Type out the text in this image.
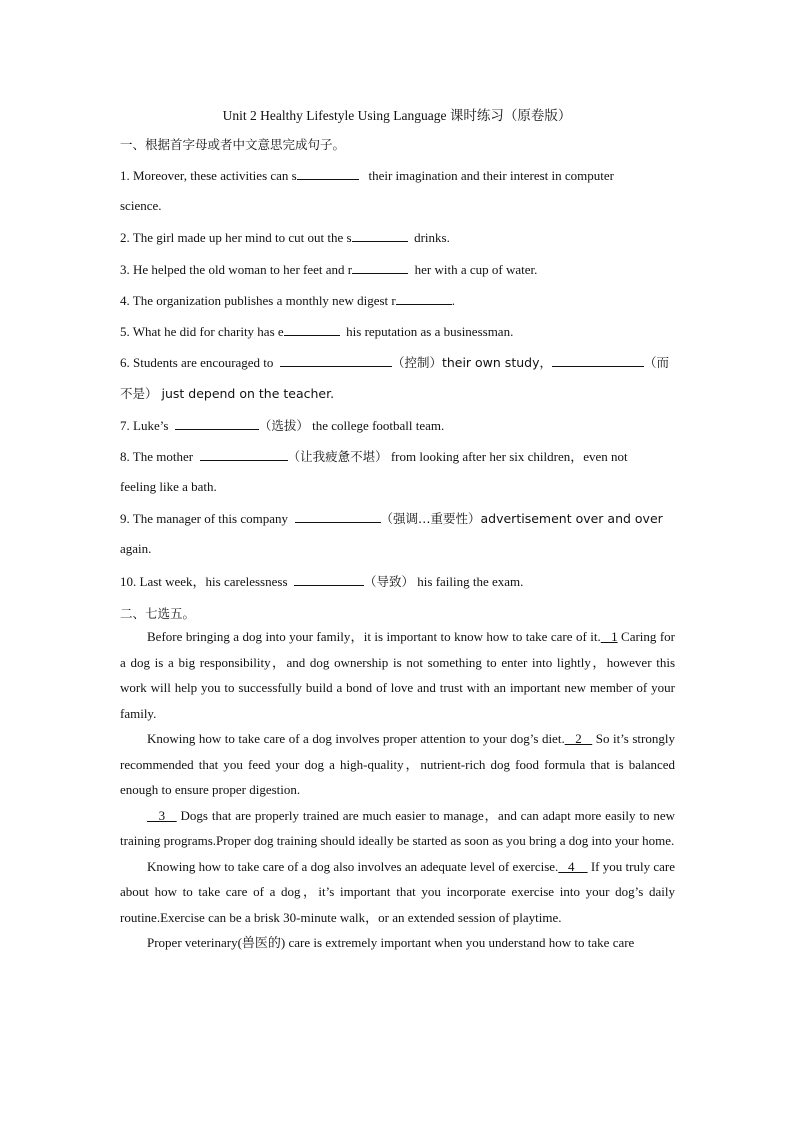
Unit 2 Healthy Lifestyle Using Language 课时练习（原卷版）
一、根据首字母或者中文意思完成句子。
1. Moreover, these activities can s	their imagination and their interest in computer
science.
2. The girl made up her mind to cut out the s	drinks.
3. He helped the old woman to her feet and r	her with a cup of water.
4. The organization publishes a monthly new digest r	.
5. What he did for charity has e	his reputation as a businessman.
6. Students are encouraged to	（控制）their own study，	（而
不是） just depend on the teacher.
7. Luke’s	（选拔） the college football team.
8. The mother	（让我疲惫不堪） from looking after her six children，even not
feeling like a bath.
9. The manager of this company	（强调…重要性）advertisement over and over
again.
10. Last week，his carelessness	（导致） his failing the exam.
二、七选五。

Before bringing a dog into your family，it is important to know how to take care of it.   1 Caring for a dog is a big responsibility，and dog ownership is not something to enter into lightly，however this work will help you to successfully build a bond of love and trust with an important new member of your family.

Knowing how to take care of a dog involves proper attention to your dog’s diet.   2    So it’s strongly recommended that you feed your dog a high-quality，nutrient-rich dog food formula that is balanced enough to ensure proper digestion.

3    Dogs that are properly trained are much easier to manage，and can adapt more easily to new training programs.Proper dog training should ideally be started as soon as you bring a dog into your home.

Knowing how to take care of a dog also involves an adequate level of exercise.   4     If you truly care about how to take care of a dog，it’s important that you incorporate exercise into your dog’s daily routine.Exercise can be a brisk 30-minute walk，or an extended session of playtime.

Proper veterinary(兽医的) care is extremely important when you understand how to take care
